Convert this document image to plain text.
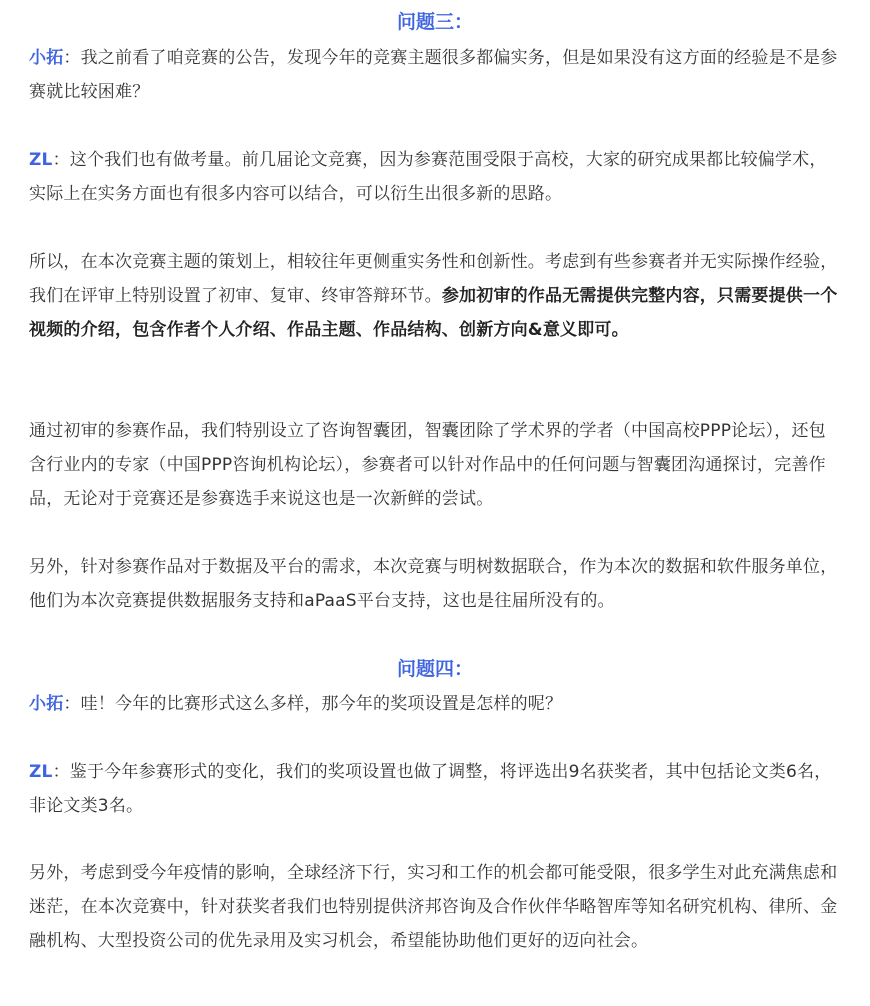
问题三：

小拓：我之前看了咱竞赛的公告，发现今年的竞赛主题很多都偏实务，但是如果没有这方面的经验是不是参赛就比较困难？

ZL：这个我们也有做考量。前几届论文竞赛，因为参赛范围受限于高校，大家的研究成果都比较偏学术，实际上在实务方面也有很多内容可以结合，可以衍生出很多新的思路。

所以，在本次竞赛主题的策划上，相较往年更侧重实务性和创新性。考虑到有些参赛者并无实际操作经验，我们在评审上特别设置了初审、复审、终审答辩环节。参加初审的作品无需提供完整内容，只需要提供一个视频的介绍，包含作者个人介绍、作品主题、作品结构、创新方向&意义即可。

通过初审的参赛作品，我们特别设立了咨询智囊团，智囊团除了学术界的学者（中国高校PPP论坛），还包含行业内的专家（中国PPP咨询机构论坛），参赛者可以针对作品中的任何问题与智囊团沟通探讨，完善作品，无论对于竞赛还是参赛选手来说这也是一次新鲜的尝试。

另外，针对参赛作品对于数据及平台的需求，本次竞赛与明树数据联合，作为本次的数据和软件服务单位，他们为本次竞赛提供数据服务支持和aPaaS平台支持，这也是往届所没有的。

问题四：

小拓：哇！今年的比赛形式这么多样，那今年的奖项设置是怎样的呢？

ZL：鉴于今年参赛形式的变化，我们的奖项设置也做了调整，将评选出9名获奖者，其中包括论文类6名，非论文类3名。

另外，考虑到受今年疫情的影响，全球经济下行，实习和工作的机会都可能受限，很多学生对此充满焦虑和迷茫，在本次竞赛中，针对获奖者我们也特别提供济邦咨询及合作伙伴华略智库等知名研究机构、律所、金融机构、大型投资公司的优先录用及实习机会，希望能协助他们更好的迈向社会。
